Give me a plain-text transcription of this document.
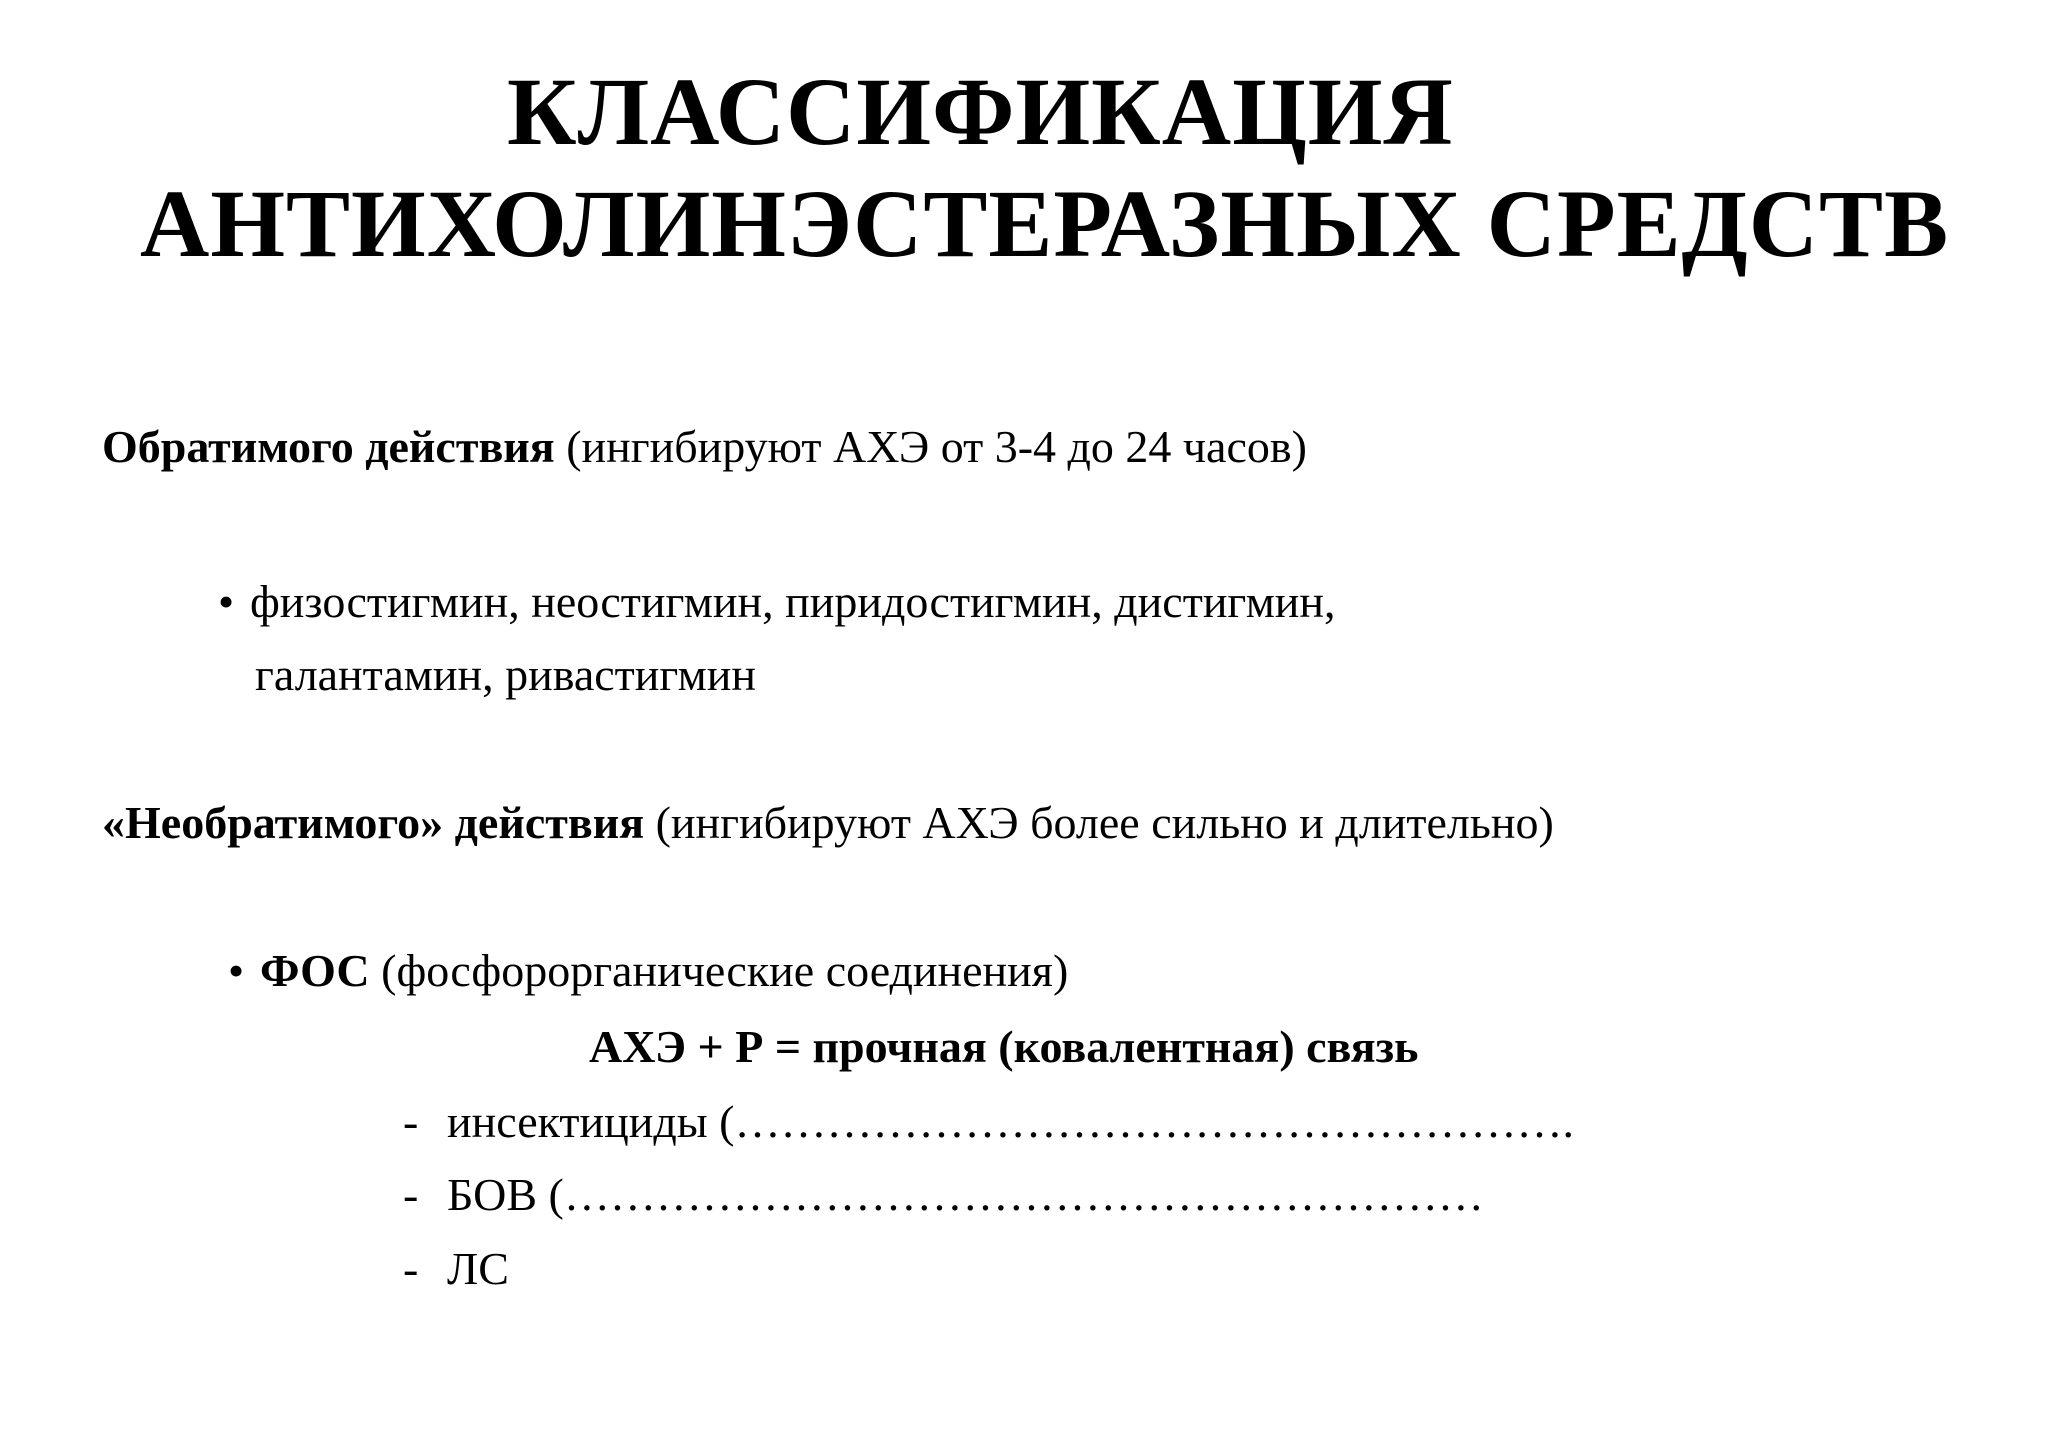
КЛАССИФИКАЦИЯ
АНТИХОЛИНЭСТЕРАЗНЫХ СРЕДСТВ
Обратимого действия (ингибируют АХЭ от 3-4 до 24 часов)
• физостигмин, неостигмин, пиридостигмин, дистигмин,
галантамин, ривастигмин
«Необратимого» действия (ингибируют АХЭ более сильно и длительно)
• ФОС (фосфорорганические соединения)
АХЭ + Р = прочная (ковалентная) связь
- инсектициды (……………………………………………….
- БОВ (……………………………………………………
- ЛС
